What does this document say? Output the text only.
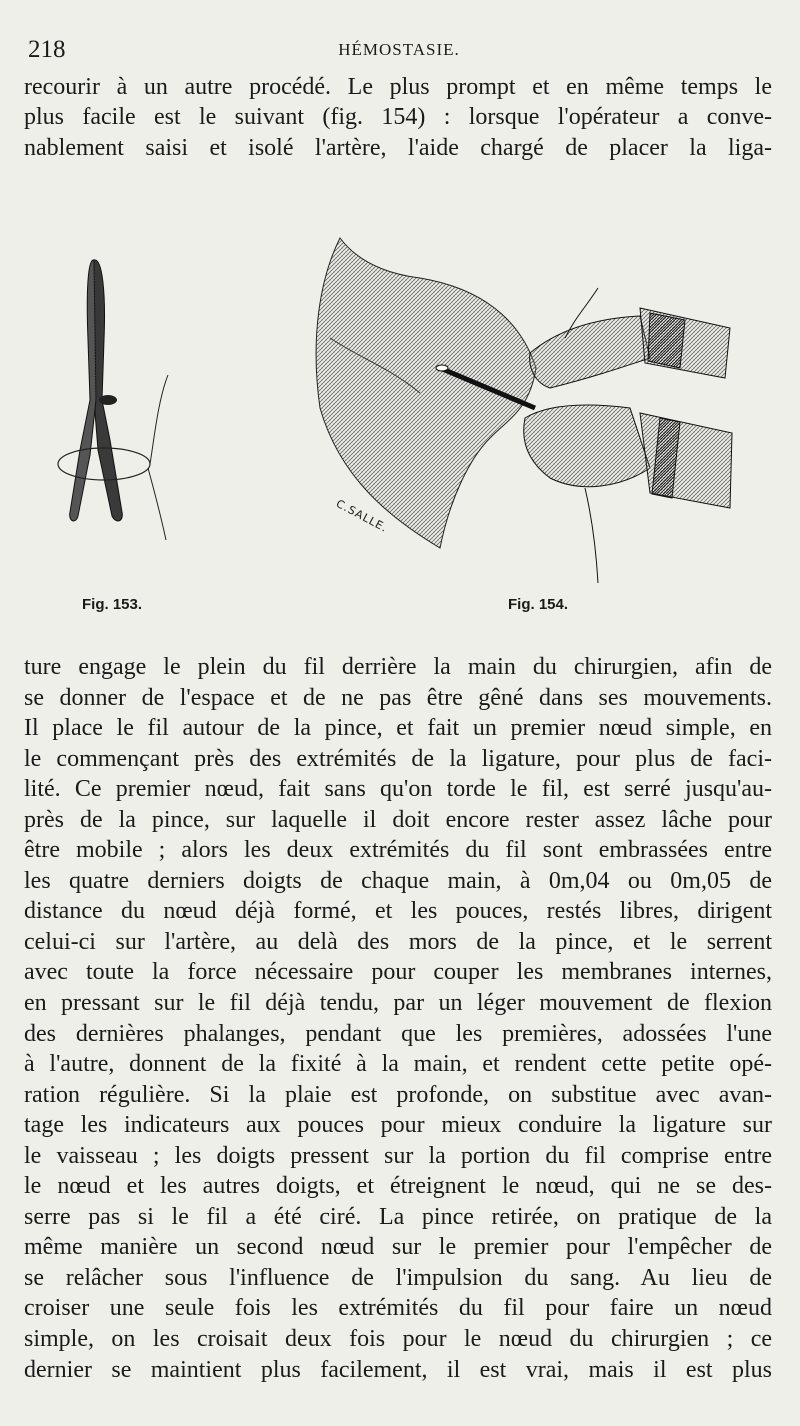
218	HÉMOSTASIE.
recourir à un autre procédé. Le plus prompt et en même temps le
plus facile est le suivant (fig. 154) : lorsque l'opérateur a conve-
nablement saisi et isolé l'artère, l'aide chargé de placer la liga-
C.SALLE.
Fig. 153.	Fig. 154.
ture engage le plein du fil derrière la main du chirurgien, afin de
se donner de l'espace et de ne pas être gêné dans ses mouvements.
Il place le fil autour de la pince, et fait un premier nœud simple, en
le commençant près des extrémités de la ligature, pour plus de faci-
lité. Ce premier nœud, fait sans qu'on torde le fil, est serré jusqu'au-
près de la pince, sur laquelle il doit encore rester assez lâche pour
être mobile ; alors les deux extrémités du fil sont embrassées entre
les quatre derniers doigts de chaque main, à 0m,04 ou 0m,05 de
distance du nœud déjà formé, et les pouces, restés libres, dirigent
celui-ci sur l'artère, au delà des mors de la pince, et le serrent
avec toute la force nécessaire pour couper les membranes internes,
en pressant sur le fil déjà tendu, par un léger mouvement de flexion
des dernières phalanges, pendant que les premières, adossées l'une
à l'autre, donnent de la fixité à la main, et rendent cette petite opé-
ration régulière. Si la plaie est profonde, on substitue avec avan-
tage les indicateurs aux pouces pour mieux conduire la ligature sur
le vaisseau ; les doigts pressent sur la portion du fil comprise entre
le nœud et les autres doigts, et étreignent le nœud, qui ne se des-
serre pas si le fil a été ciré. La pince retirée, on pratique de la
même manière un second nœud sur le premier pour l'empêcher de
se relâcher sous l'influence de l'impulsion du sang. Au lieu de
croiser une seule fois les extrémités du fil pour faire un nœud
simple, on les croisait deux fois pour le nœud du chirurgien ; ce
dernier se maintient plus facilement, il est vrai, mais il est plus
